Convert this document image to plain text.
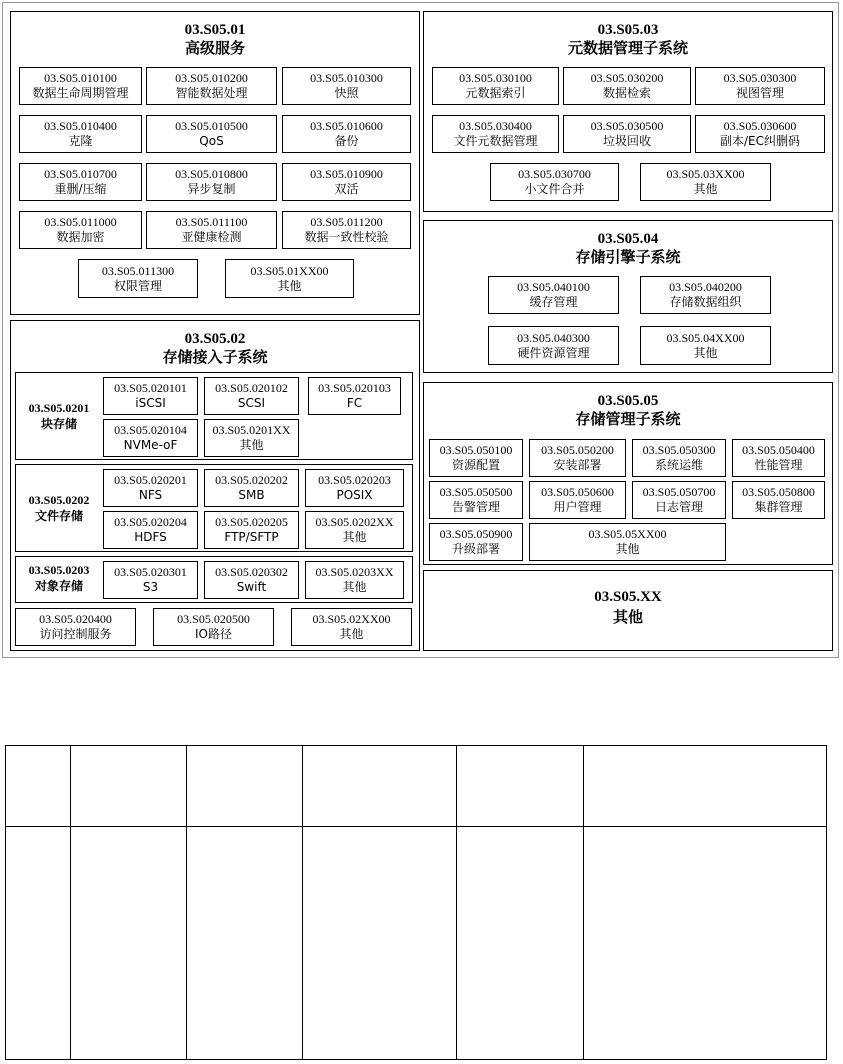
03.S05.01
高级服务
03.S05.010100
数据生命周期管理
03.S05.010200
智能数据处理
03.S05.010300
快照
03.S05.010400
克隆
03.S05.010500
QoS
03.S05.010600
备份
03.S05.010700
重删/压缩
03.S05.010800
异步复制
03.S05.010900
双活
03.S05.011000
数据加密
03.S05.011100
亚健康检测
03.S05.011200
数据一致性校验
03.S05.011300
权限管理
03.S05.01XX00
其他
03.S05.02
存储接入子系统
03.S05.0201
块存储
03.S05.020101
iSCSI
03.S05.020102
SCSI
03.S05.020103
FC
03.S05.020104
NVMe-oF
03.S05.0201XX
其他
03.S05.0202
文件存储
03.S05.020201
NFS
03.S05.020202
SMB
03.S05.020203
POSIX
03.S05.020204
HDFS
03.S05.020205
FTP/SFTP
03.S05.0202XX
其他
03.S05.0203
对象存储
03.S05.020301
S3
03.S05.020302
Swift
03.S05.0203XX
其他
03.S05.020400
访问控制服务
03.S05.020500
IO路径
03.S05.02XX00
其他
03.S05.03
元数据管理子系统
03.S05.030100
元数据索引
03.S05.030200
数据检索
03.S05.030300
视图管理
03.S05.030400
文件元数据管理
03.S05.030500
垃圾回收
03.S05.030600
副本/EC纠删码
03.S05.030700
小文件合并
03.S05.03XX00
其他
03.S05.04
存储引擎子系统
03.S05.040100
缓存管理
03.S05.040200
存储数据组织
03.S05.040300
硬件资源管理
03.S05.04XX00
其他
03.S05.05
存储管理子系统
03.S05.050100
资源配置
03.S05.050200
安装部署
03.S05.050300
系统运维
03.S05.050400
性能管理
03.S05.050500
告警管理
03.S05.050600
用户管理
03.S05.050700
日志管理
03.S05.050800
集群管理
03.S05.050900
升级部署
03.S05.05XX00
其他
03.S05.XX
其他
